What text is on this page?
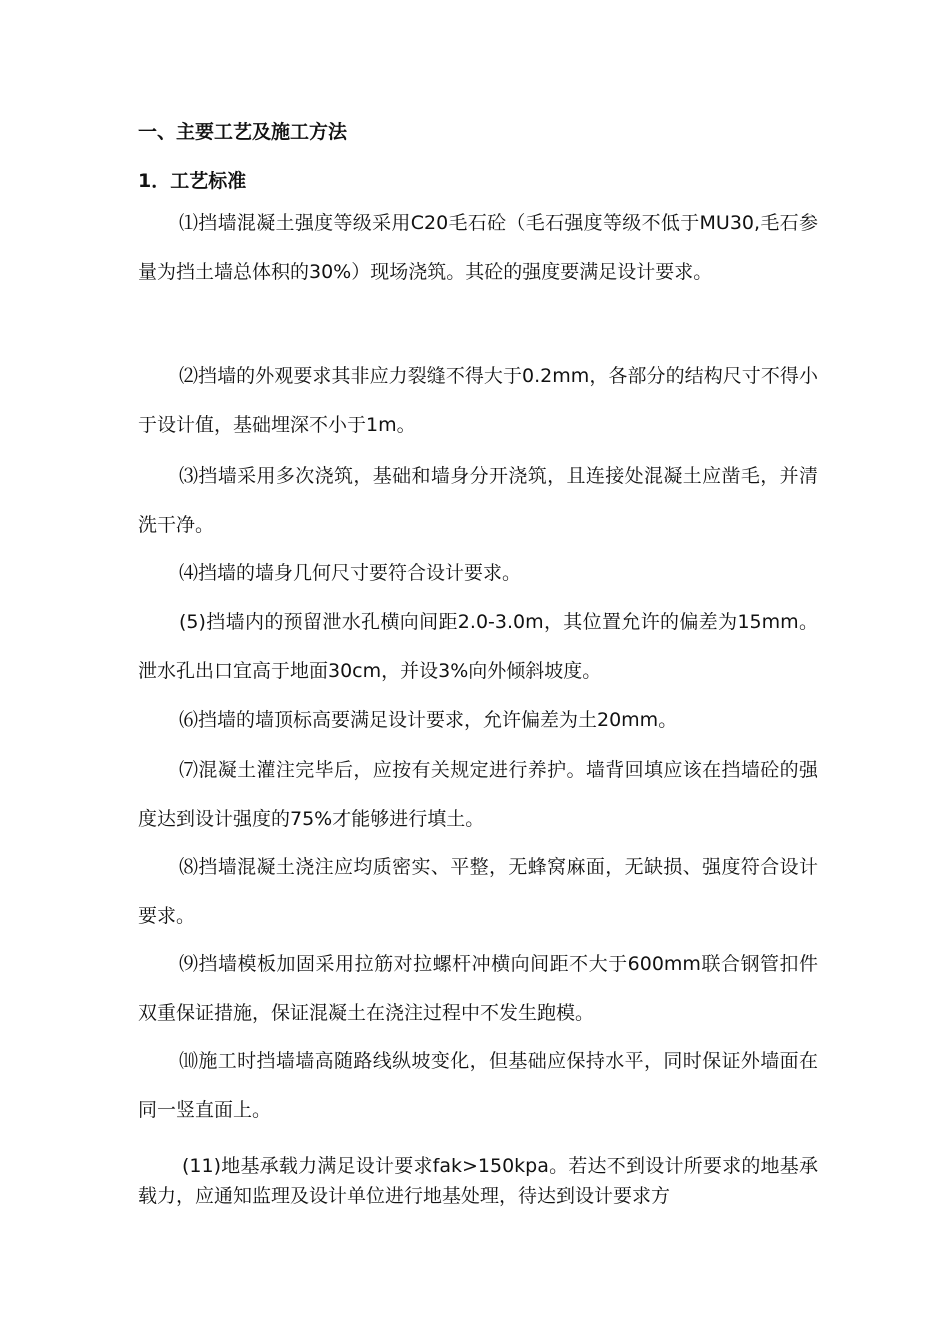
一、主要工艺及施工方法
1．工艺标准
⑴挡墙混凝土强度等级采用C20毛石砼（毛石强度等级不低于MU30,毛石参量为挡土墙总体积的30%）现场浇筑。其砼的强度要满足设计要求。
⑵挡墙的外观要求其非应力裂缝不得大于0.2mm，各部分的结构尺寸不得小于设计值，基础埋深不小于1m。
⑶挡墙采用多次浇筑，基础和墙身分开浇筑，且连接处混凝土应凿毛，并清洗干净。
⑷挡墙的墙身几何尺寸要符合设计要求。
(5)挡墙内的预留泄水孔横向间距2.0-3.0m，其位置允许的偏差为15mm。泄水孔出口宜高于地面30cm，并设3%向外倾斜坡度。
⑹挡墙的墙顶标高要满足设计要求，允许偏差为土20mm。
⑺混凝土灌注完毕后，应按有关规定进行养护。墙背回填应该在挡墙砼的强度达到设计强度的75%才能够进行填土。
⑻挡墙混凝土浇注应均质密实、平整，无蜂窝麻面，无缺损、强度符合设计要求。
⑼挡墙模板加固采用拉筋对拉螺杆冲横向间距不大于600mm联合钢管扣件双重保证措施，保证混凝土在浇注过程中不发生跑模。
⑽施工时挡墙墙高随路线纵坡变化，但基础应保持水平，同时保证外墙面在同一竖直面上。
(11)地基承载力满足设计要求fak>150kpa。若达不到设计所要求的地基承载力，应通知监理及设计单位进行地基处理，待达到设计要求方
